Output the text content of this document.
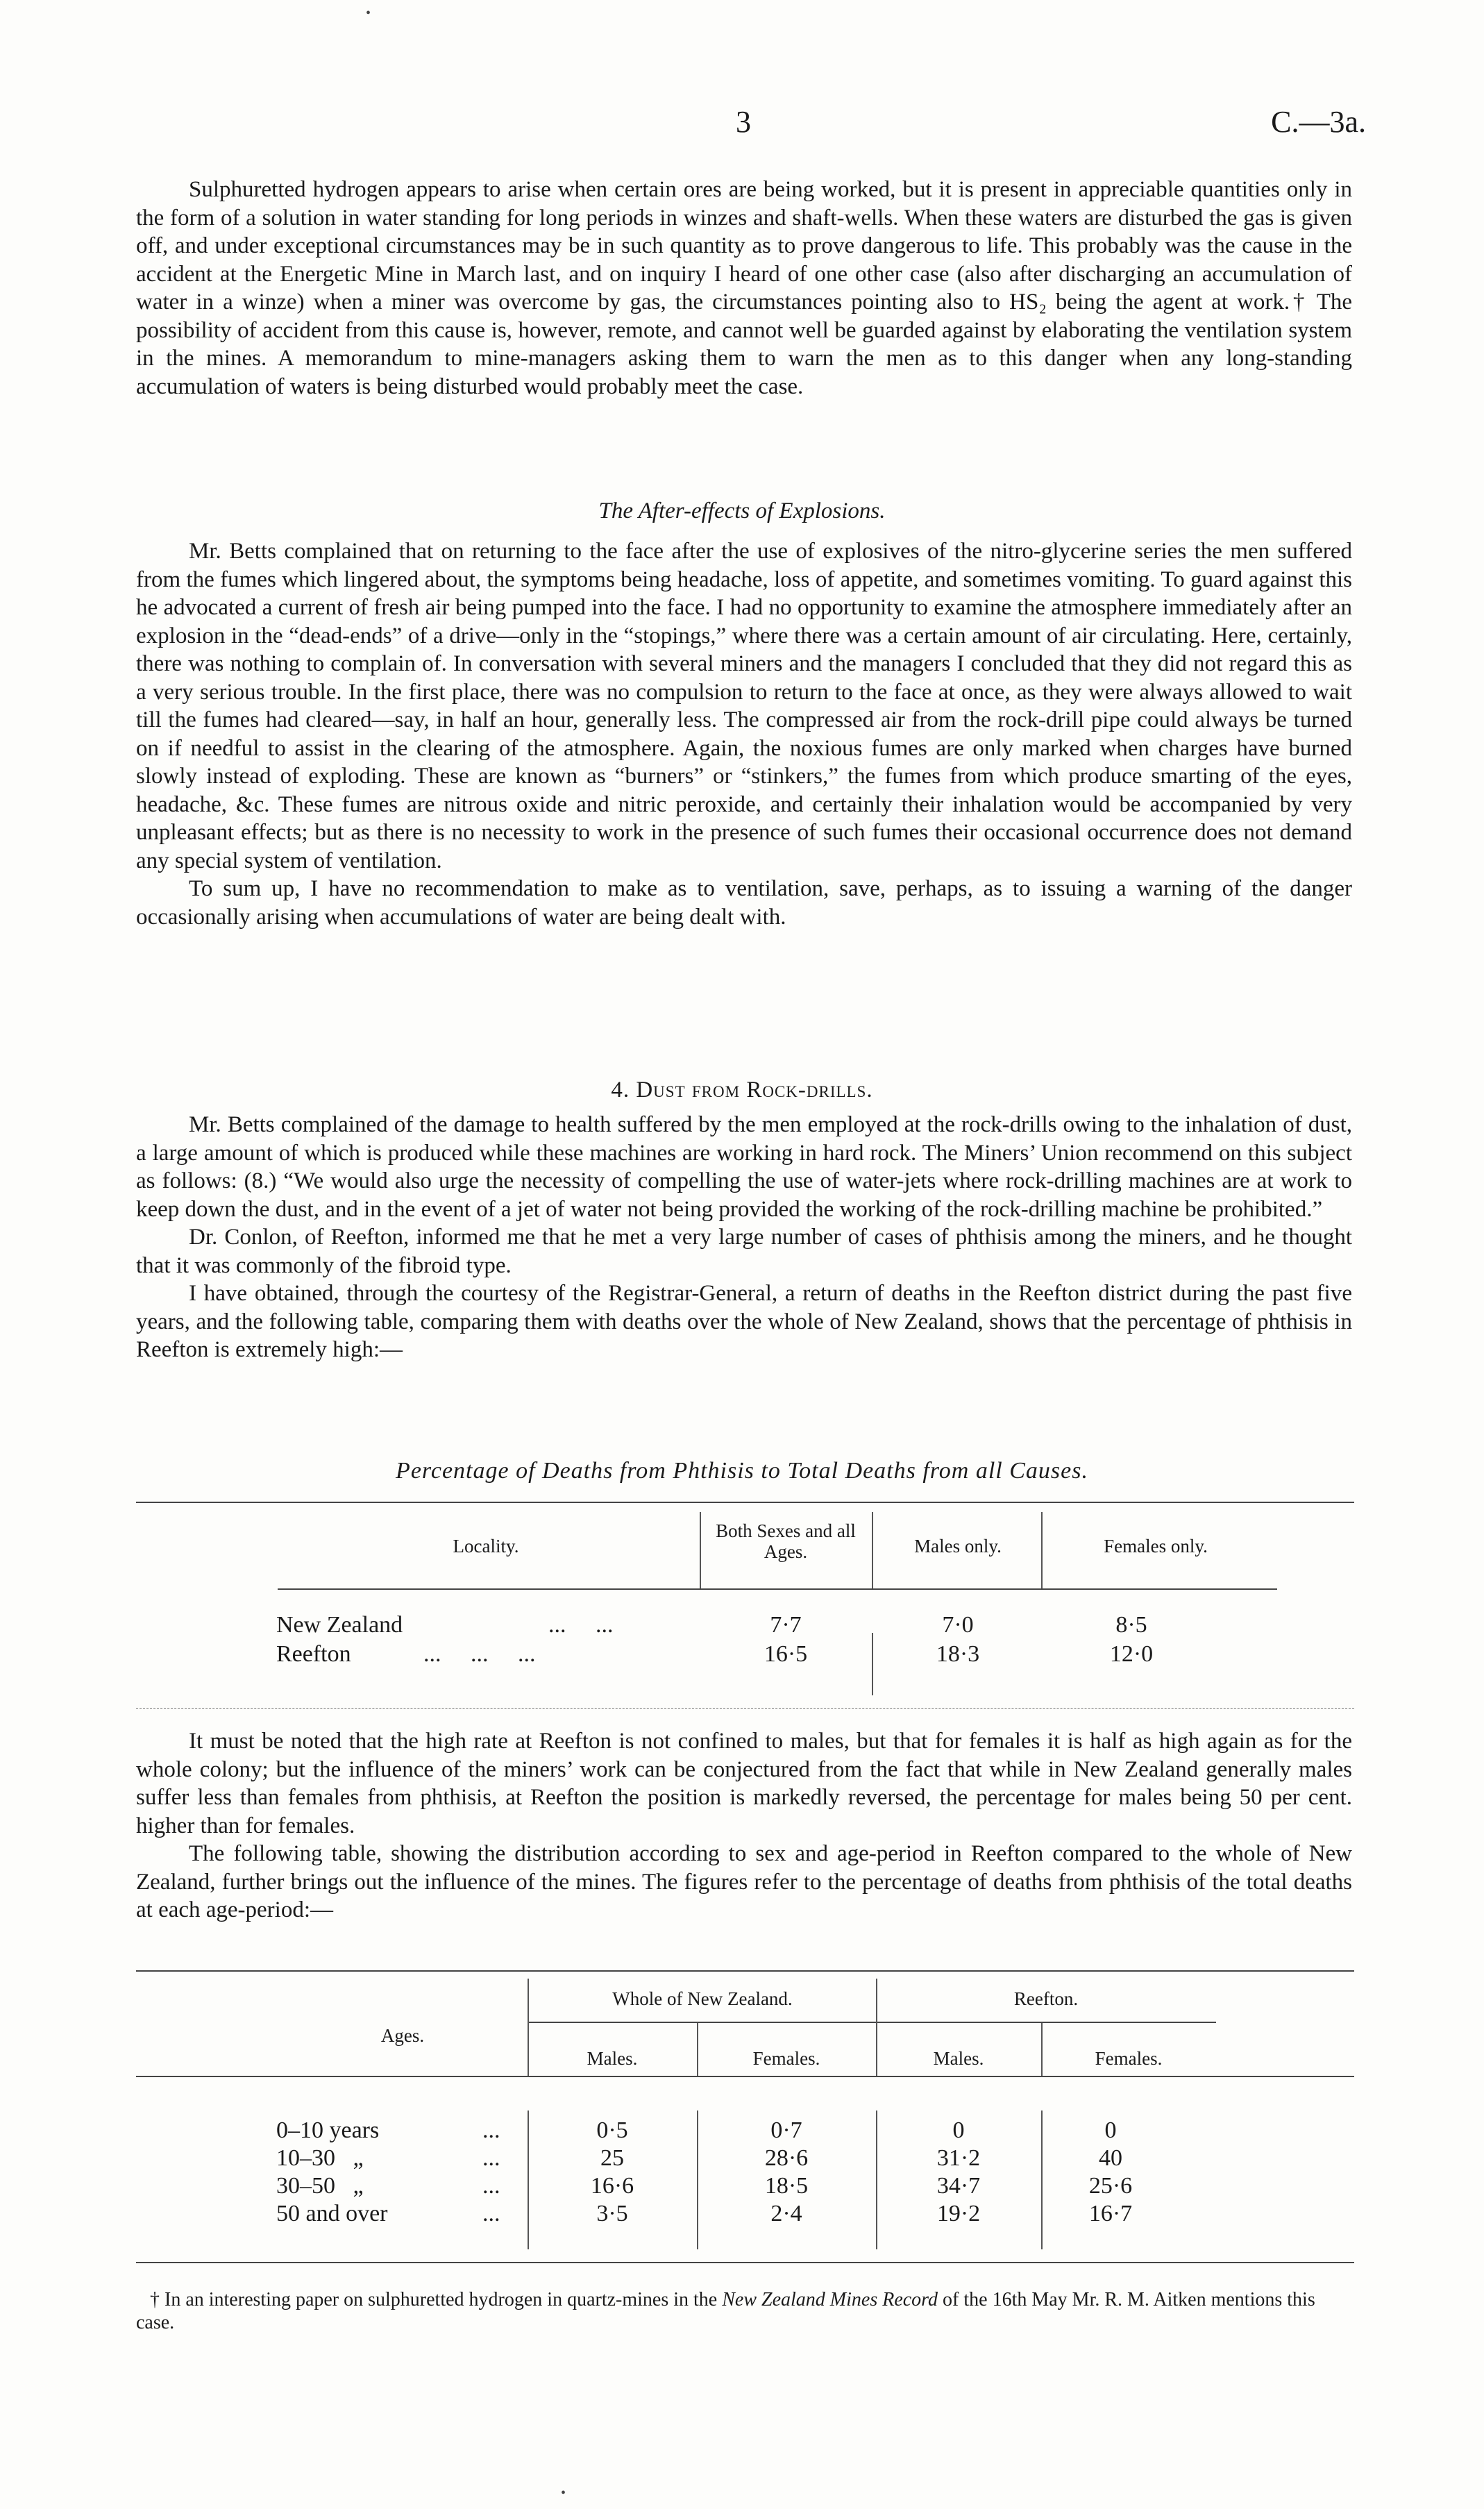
•
3	C.—3a.

Sulphuretted hydrogen appears to arise when certain ores are being worked, but it is present in appreciable quantities only in the form of a solution in water standing for long periods in winzes and shaft-wells. When these waters are disturbed the gas is given off, and under exceptional circumstances may be in such quantity as to prove dangerous to life. This probably was the cause in the accident at the Energetic Mine in March last, and on inquiry I heard of one other case (also after discharging an accumulation of water in a winze) when a miner was overcome by gas, the circumstances pointing also to HS₂ being the agent at work.† The possibility of accident from this cause is, however, remote, and cannot well be guarded against by elaborating the ventilation system in the mines. A memorandum to mine-managers asking them to warn the men as to this danger when any long-standing accumulation of waters is being disturbed would probably meet the case.

The After-effects of Explosions.

Mr. Betts complained that on returning to the face after the use of explosives of the nitro-glycerine series the men suffered from the fumes which lingered about, the symptoms being headache, loss of appetite, and sometimes vomiting. To guard against this he advocated a current of fresh air being pumped into the face. I had no opportunity to examine the atmosphere immediately after an explosion in the “dead-ends” of a drive—only in the “stopings,” where there was a certain amount of air circulating. Here, certainly, there was nothing to complain of. In conversation with several miners and the managers I concluded that they did not regard this as a very serious trouble. In the first place, there was no compulsion to return to the face at once, as they were always allowed to wait till the fumes had cleared—say, in half an hour, generally less. The compressed air from the rock-drill pipe could always be turned on if needful to assist in the clearing of the atmosphere. Again, the noxious fumes are only marked when charges have burned slowly instead of exploding. These are known as “burners” or “stinkers,” the fumes from which produce smarting of the eyes, headache, &c. These fumes are nitrous oxide and nitric peroxide, and certainly their inhalation would be accompanied by very unpleasant effects; but as there is no necessity to work in the presence of such fumes their occasional occurrence does not demand any special system of ventilation.

To sum up, I have no recommendation to make as to ventilation, save, perhaps, as to issuing a warning of the danger occasionally arising when accumulations of water are being dealt with.

4. Dust from Rock-drills.

Mr. Betts complained of the damage to health suffered by the men employed at the rock-drills owing to the inhalation of dust, a large amount of which is produced while these machines are working in hard rock. The Miners’ Union recommend on this subject as follows: (8.) “We would also urge the necessity of compelling the use of water-jets where rock-drilling machines are at work to keep down the dust, and in the event of a jet of water not being provided the working of the rock-drilling machine be prohibited.”

Dr. Conlon, of Reefton, informed me that he met a very large number of cases of phthisis among the miners, and he thought that it was commonly of the fibroid type.

I have obtained, through the courtesy of the Registrar-General, a return of deaths in the Reefton district during the past five years, and the following table, comparing them with deaths over the whole of New Zealand, shows that the percentage of phthisis in Reefton is extremely high:—

Percentage of Deaths from Phthisis to Total Deaths from all Causes.
Locality.
Both Sexes and all Ages.	Males only.	Females only.
New Zealand	...     ...	7·7	7·0	8·5
Reefton	...     ...     ...	16·5	18·3	12·0

It must be noted that the high rate at Reefton is not confined to males, but that for females it is half as high again as for the whole colony; but the influence of the miners’ work can be conjectured from the fact that while in New Zealand generally males suffer less than females from phthisis, at Reefton the position is markedly reversed, the percentage for males being 50 per cent. higher than for females.

The following table, showing the distribution according to sex and age-period in Reefton compared to the whole of New Zealand, further brings out the influence of the mines. The figures refer to the percentage of deaths from phthisis of the total deaths at each age-period:—

Ages.
Whole of New Zealand.	Reefton.
Males.	Females.	Males.	Females.
0–10 years	...	0·5	0·7	0	0
10–30   „	...	25	28·6	31·2	40
30–50   „	...	16·6	18·5	34·7	25·6
50 and over	...	3·5	2·4	19·2	16·7

† In an interesting paper on sulphuretted hydrogen in quartz-mines in the New Zealand Mines Record of the 16th May Mr. R. M. Aitken mentions this case.

•
